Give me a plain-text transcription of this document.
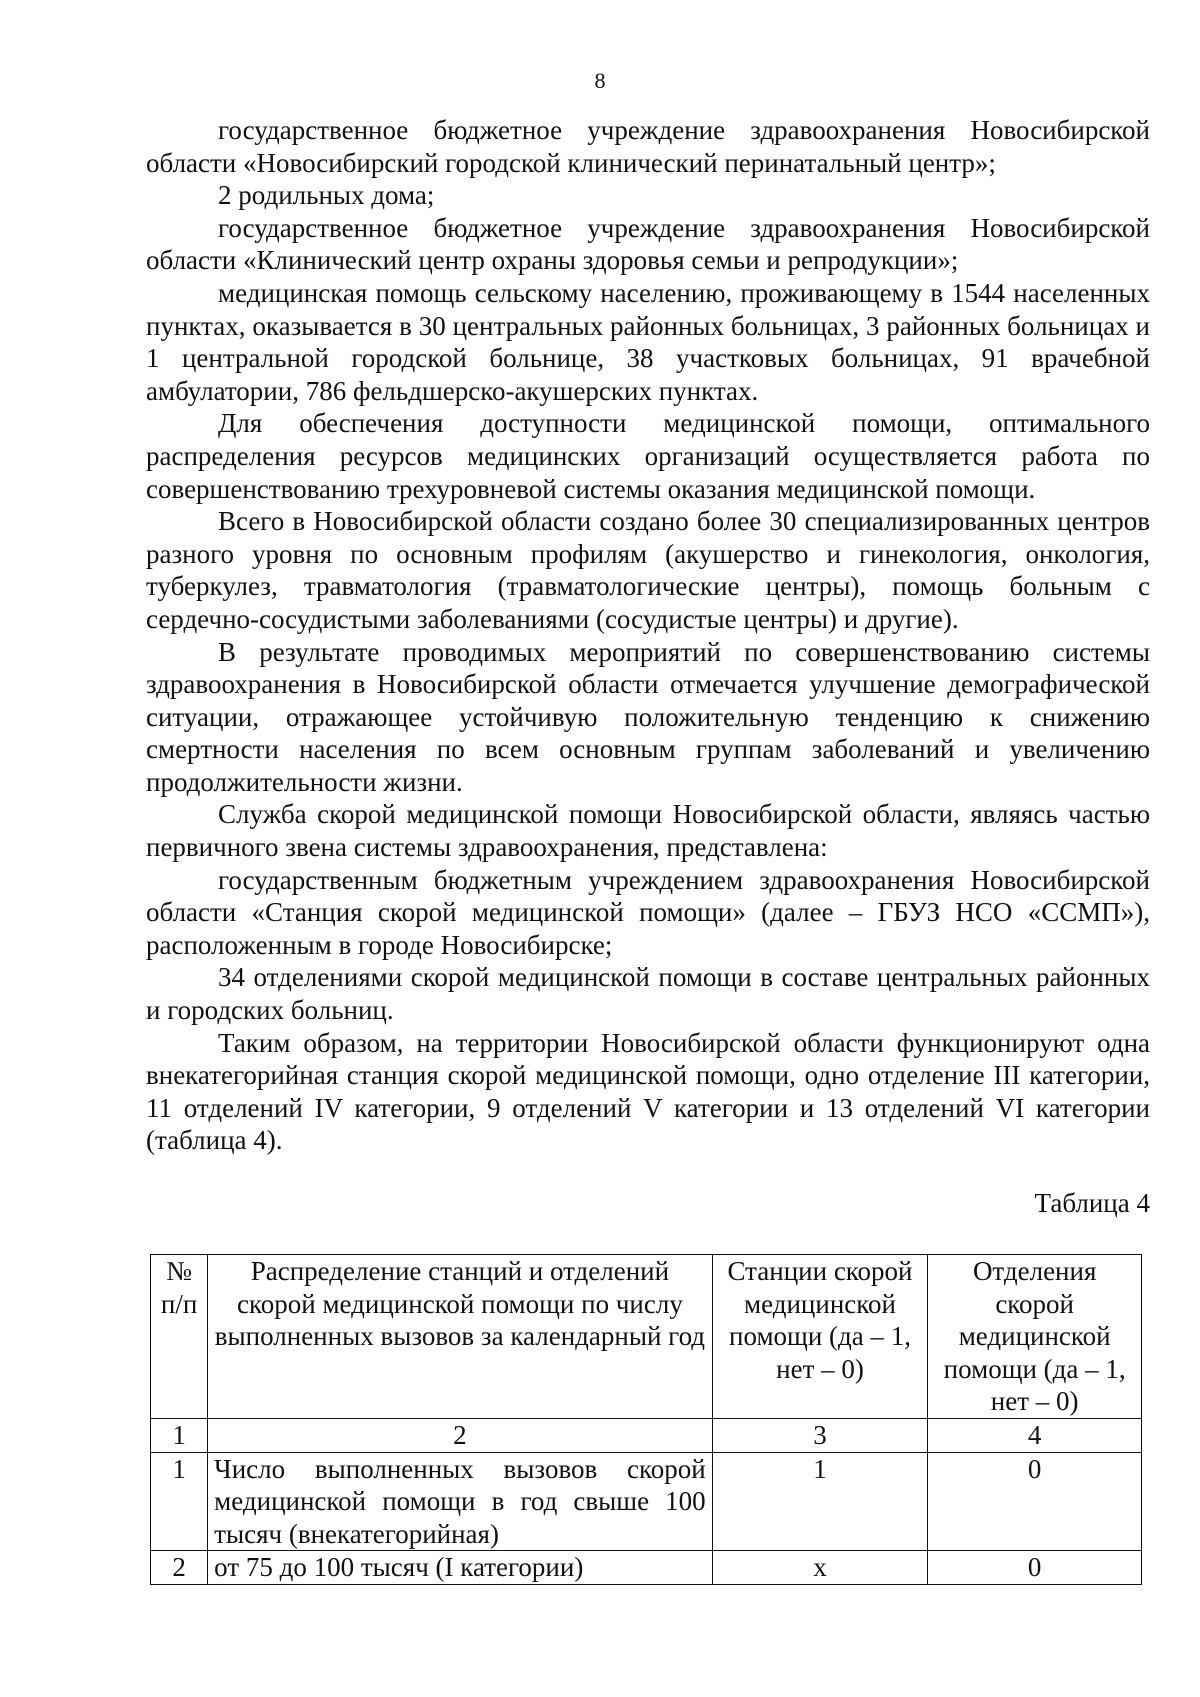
8

государственное бюджетное учреждение здравоохранения Новосибирской области «Новосибирский городской клинический перинатальный центр»;

2 родильных дома;

государственное бюджетное учреждение здравоохранения Новосибирской области «Клинический центр охраны здоровья семьи и репродукции»;

медицинская помощь сельскому населению, проживающему в 1544 населенных пунктах, оказывается в 30 центральных районных больницах, 3 районных больницах и 1 центральной городской больнице, 38 участковых больницах, 91 врачебной амбулатории, 786 фельдшерско-акушерских пунктах.

Для обеспечения доступности медицинской помощи, оптимального распределения ресурсов медицинских организаций осуществляется работа по совершенствованию трехуровневой системы оказания медицинской помощи.

Всего в Новосибирской области создано более 30 специализированных центров разного уровня по основным профилям (акушерство и гинекология, онкология, туберкулез, травматология (травматологические центры), помощь больным с сердечно-сосудистыми заболеваниями (сосудистые центры) и другие).

В результате проводимых мероприятий по совершенствованию системы здравоохранения в Новосибирской области отмечается улучшение демографической ситуации, отражающее устойчивую положительную тенденцию к снижению смертности населения по всем основным группам заболеваний и увеличению продолжительности жизни.

Служба скорой медицинской помощи Новосибирской области, являясь частью первичного звена системы здравоохранения, представлена:

государственным бюджетным учреждением здравоохранения Новосибирской области «Станция скорой медицинской помощи» (далее – ГБУЗ НСО «ССМП»), расположенным в городе Новосибирске;

34 отделениями скорой медицинской помощи в составе центральных районных и городских больниц.

Таким образом, на территории Новосибирской области функционируют одна внекатегорийная станция скорой медицинской помощи, одно отделение III категории, 11 отделений IV категории, 9 отделений V категории и 13 отделений VI категории (таблица 4).

Таблица 4
№ п/п	Распределение станций и отделений скорой медицинской помощи по числу выполненных вызовов за календарный год	Станции скорой медицинской помощи (да – 1, нет – 0)	Отделения скорой медицинской помощи (да – 1, нет – 0)
1	2	3	4
1	Число выполненных вызовов скорой медицинской помощи в год свыше 100 тысяч (внекатегорийная)	1	0
2	от 75 до 100 тысяч (I категории)	х	0
